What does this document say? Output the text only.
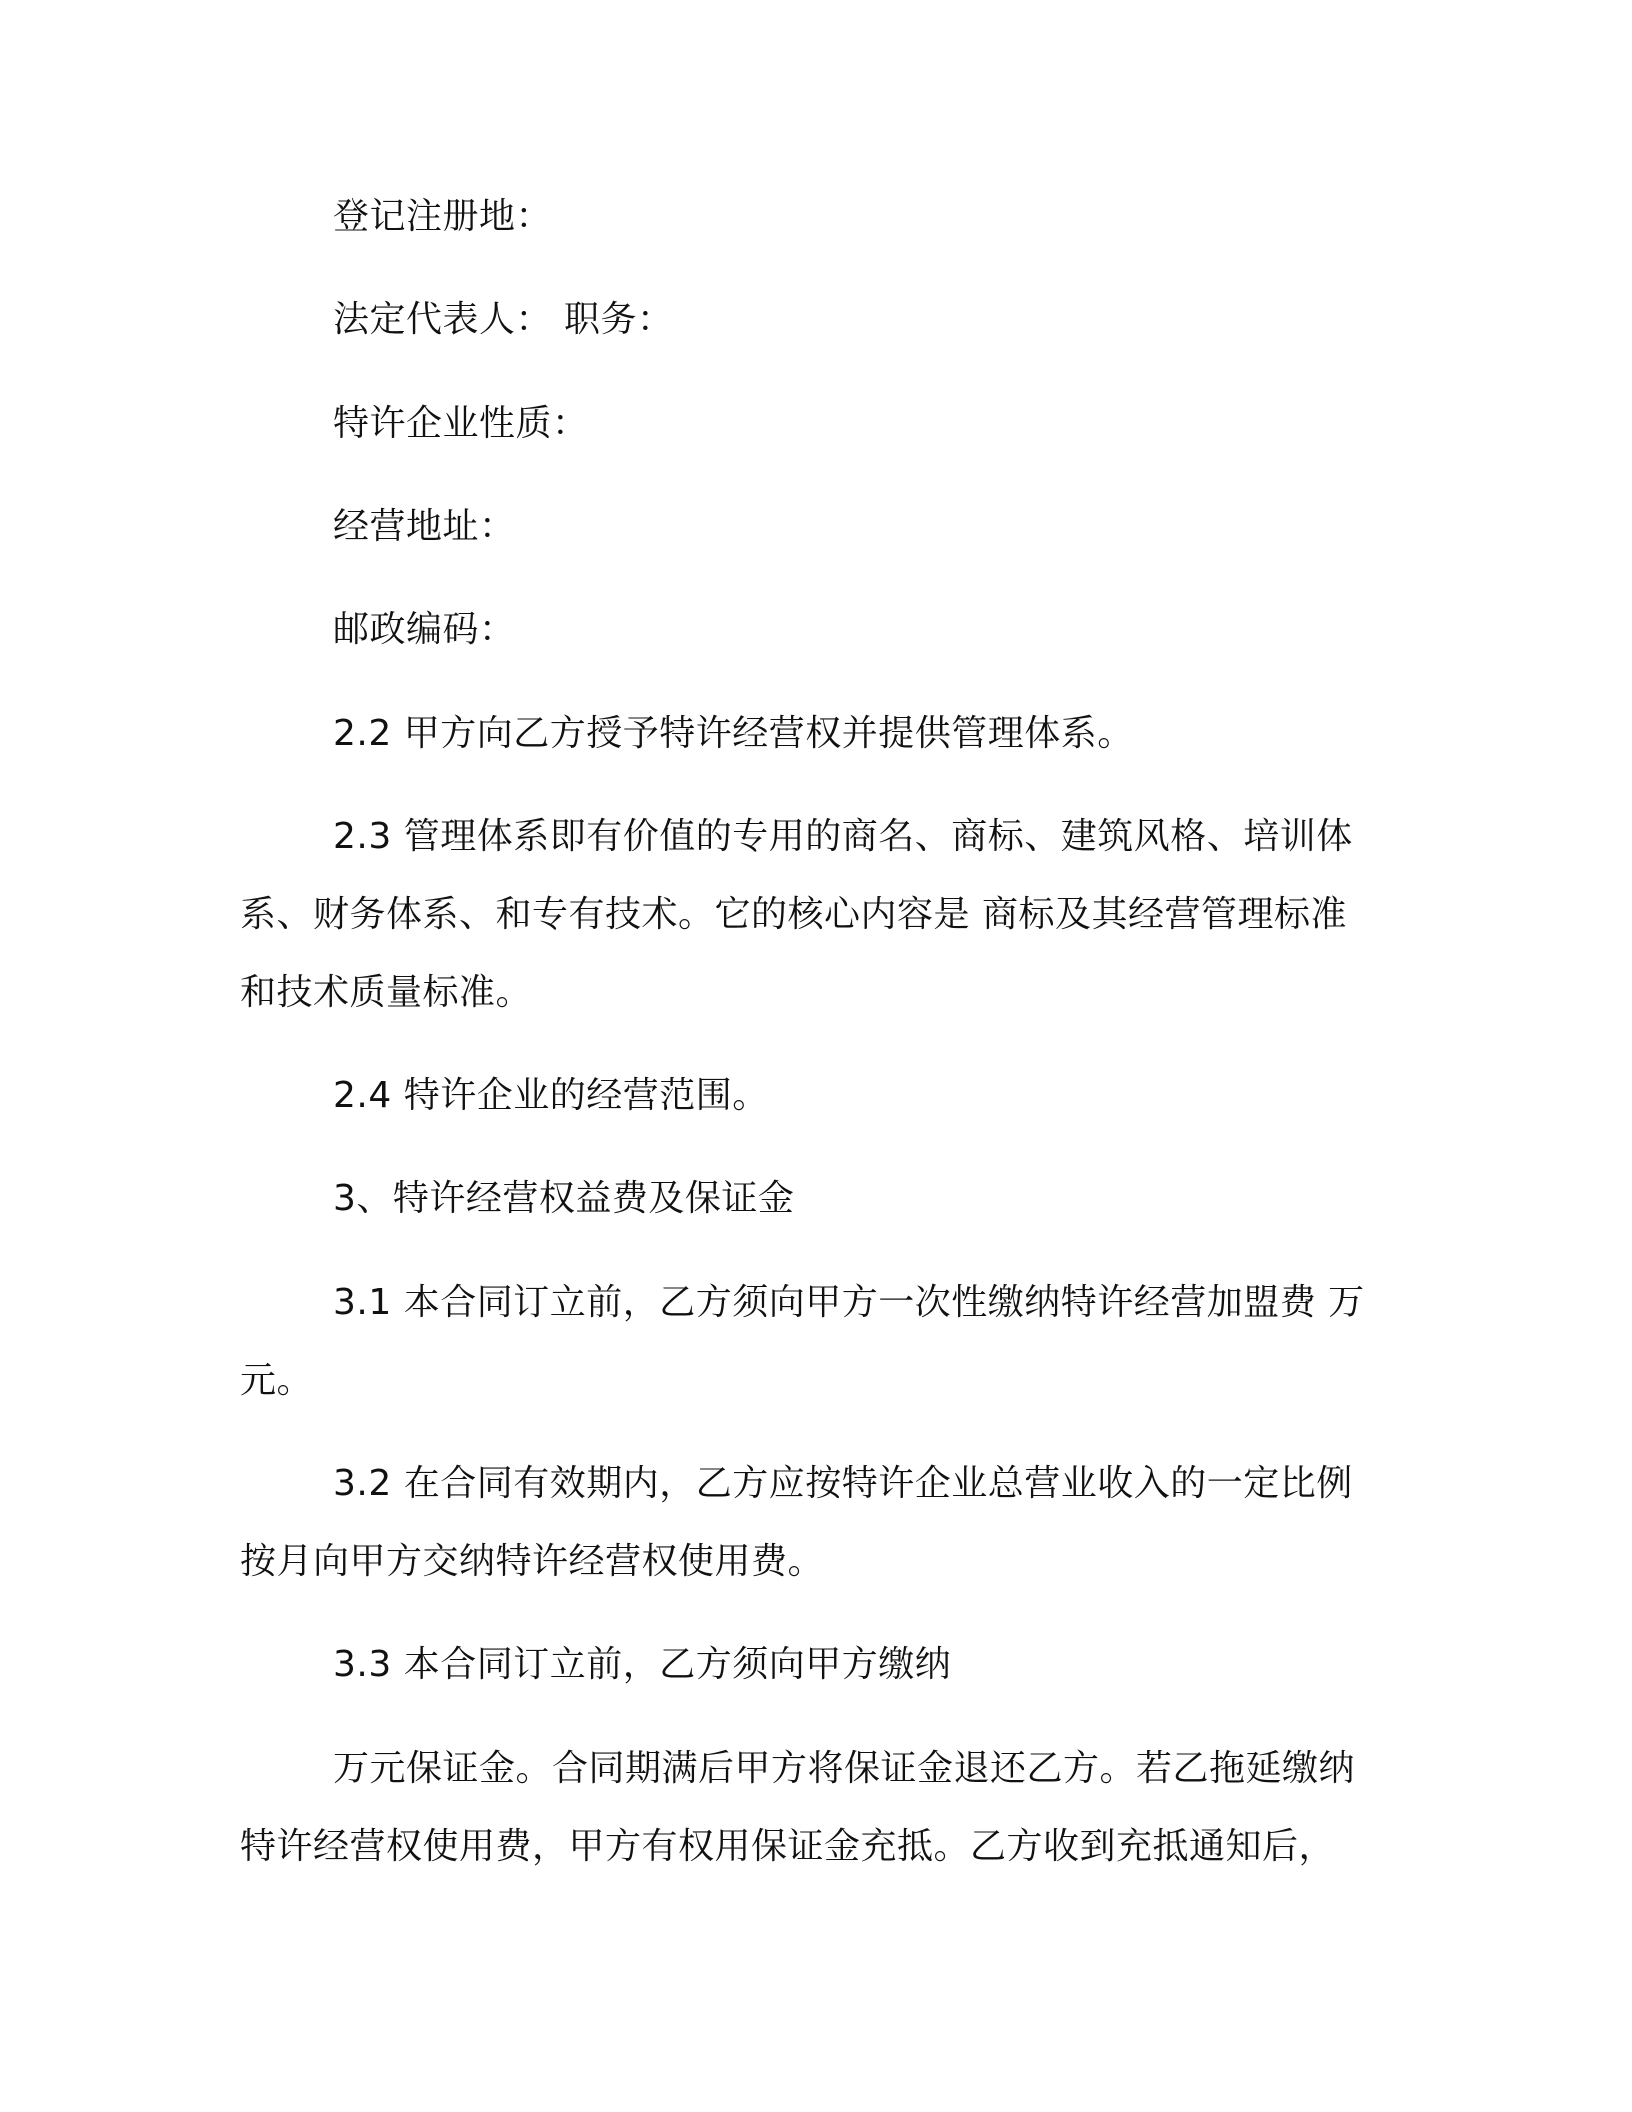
登记注册地：
法定代表人： 职务：
特许企业性质：
经营地址：
邮政编码：
2.2 甲方向乙方授予特许经营权并提供管理体系。
2.3 管理体系即有价值的专用的商名、商标、建筑风格、培训体
系、财务体系、和专有技术。它的核心内容是 商标及其经营管理标准
和技术质量标准。
2.4 特许企业的经营范围。
3、特许经营权益费及保证金
3.1 本合同订立前，乙方须向甲方一次性缴纳特许经营加盟费 万
元。
3.2 在合同有效期内，乙方应按特许企业总营业收入的一定比例
按月向甲方交纳特许经营权使用费。
3.3 本合同订立前，乙方须向甲方缴纳
万元保证金。合同期满后甲方将保证金退还乙方。若乙拖延缴纳
特许经营权使用费，甲方有权用保证金充抵。乙方收到充抵通知后，
